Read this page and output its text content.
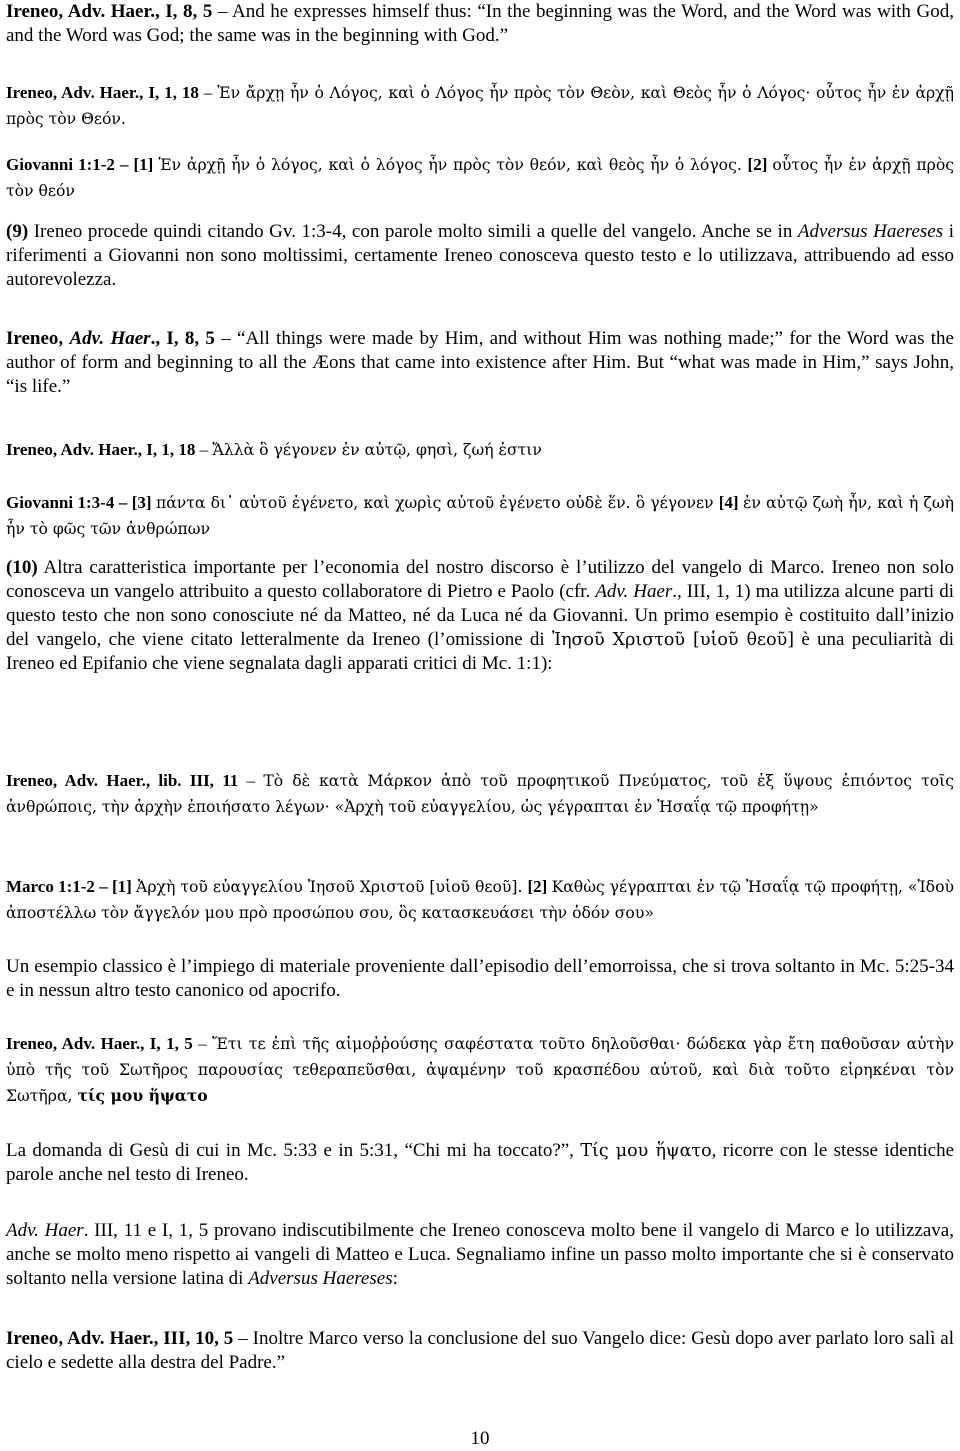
Ireneo, Adv. Haer., I, 8, 5 – And he expresses himself thus: “In the beginning was the Word, and the Word was with God, and the Word was God; the same was in the beginning with God.”

Ireneo, Adv. Haer., I, 1, 18 – Ἐν ἄρχῃ ἦν ὁ Λόγος, καὶ ὁ Λόγος ἦν πρὸς τὸν Θεὸν, καὶ Θεὸς ἦν ὁ Λόγος· οὗτος ἦν ἐν ἀρχῇ πρὸς τὸν Θεόν.

Giovanni 1:1-2 – [1] Ἐν ἀρχῇ ἦν ὁ λόγος, καὶ ὁ λόγος ἦν πρὸς τὸν θεόν, καὶ θεὸς ἦν ὁ λόγος. [2] οὗτος ἦν ἐν ἀρχῇ πρὸς τὸν θεόν

(9) Ireneo procede quindi citando Gv. 1:3-4, con parole molto simili a quelle del vangelo. Anche se in Adversus Haereses i riferimenti a Giovanni non sono moltissimi, certamente Ireneo conosceva questo testo e lo utilizzava, attribuendo ad esso autorevolezza.

Ireneo, Adv. Haer., I, 8, 5 – “All things were made by Him, and without Him was nothing made;” for the Word was the author of form and beginning to all the Æons that came into existence after Him. But “what was made in Him,” says John, “is life.”

Ireneo, Adv. Haer., I, 1, 18 – Ἄλλὰ ὃ γέγονεν ἐν αὐτῷ, φησὶ, ζωή ἐστιν

Giovanni 1:3-4 – [3] πάντα δι᾽ αὐτοῦ ἐγένετο, καὶ χωρὶς αὐτοῦ ἐγένετο οὐδὲ ἕν. ὃ γέγονεν [4] ἐν αὐτῷ ζωὴ ἦν, καὶ ἡ ζωὴ ἦν τὸ φῶς τῶν ἀνθρώπων

(10) Altra caratteristica importante per l’economia del nostro discorso è l’utilizzo del vangelo di Marco. Ireneo non solo conosceva un vangelo attribuito a questo collaboratore di Pietro e Paolo (cfr. Adv. Haer., III, 1, 1) ma utilizza alcune parti di questo testo che non sono conosciute né da Matteo, né da Luca né da Giovanni. Un primo esempio è costituito dall’inizio del vangelo, che viene citato letteralmente da Ireneo (l’omissione di Ἰησοῦ Χριστοῦ [υἱοῦ θεοῦ] è una peculiarità di Ireneo ed Epifanio che viene segnalata dagli apparati critici di Mc. 1:1):

Ireneo, Adv. Haer., lib. III, 11 – Τὸ δὲ κατὰ Μάρκον ἀπὸ τοῦ προφητικοῦ Πνεύματος, τοῦ ἐξ ὕψους ἐπιόντος τοῖς ἀνθρώποις, τὴν ἀρχὴν ἐποιήσατο λέγων· «Ἀρχὴ τοῦ εὐαγγελίου, ὡς γέγραπται ἐν Ἠσαΐᾳ τῷ προφήτῃ»

Marco 1:1-2 – [1] Ἀρχὴ τοῦ εὐαγγελίου Ἰησοῦ Χριστοῦ [υἱοῦ θεοῦ]. [2] Καθὼς γέγραπται ἐν τῷ Ἠσαΐᾳ τῷ προφήτῃ, «Ἰδοὺ ἀποστέλλω τὸν ἄγγελόν μου πρὸ προσώπου σου, ὃς κατασκευάσει τὴν ὁδόν σου»

Un esempio classico è l’impiego di materiale proveniente dall’episodio dell’emorroissa, che si trova soltanto in Mc. 5:25-34 e in nessun altro testo canonico od apocrifo.

Ireneo, Adv. Haer., I, 1, 5 – Ἔτι τε ἐπὶ τῆς αἱμοῤῥούσης σαφέστατα τοῦτο δηλοῦσθαι· δώδεκα γὰρ ἔτη παθοῦσαν αὐτὴν ὑπὸ τῆς τοῦ Σωτῆρος παρουσίας τεθεραπεῦσθαι, ἁψαμένην τοῦ κρασπέδου αὐτοῦ, καὶ διὰ τοῦτο εἰρηκέναι τὸν Σωτῆρα, τίς μου ἥψατο

La domanda di Gesù di cui in Mc. 5:33 e in 5:31, “Chi mi ha toccato?”, Τίς μου ἥψατο, ricorre con le stesse identiche parole anche nel testo di Ireneo.

Adv. Haer. III, 11 e I, 1, 5 provano indiscutibilmente che Ireneo conosceva molto bene il vangelo di Marco e lo utilizzava, anche se molto meno rispetto ai vangeli di Matteo e Luca. Segnaliamo infine un passo molto importante che si è conservato soltanto nella versione latina di Adversus Haereses:

Ireneo, Adv. Haer., III, 10, 5 – Inoltre Marco verso la conclusione del suo Vangelo dice: Gesù dopo aver parlato loro salì al cielo e sedette alla destra del Padre.”

10
